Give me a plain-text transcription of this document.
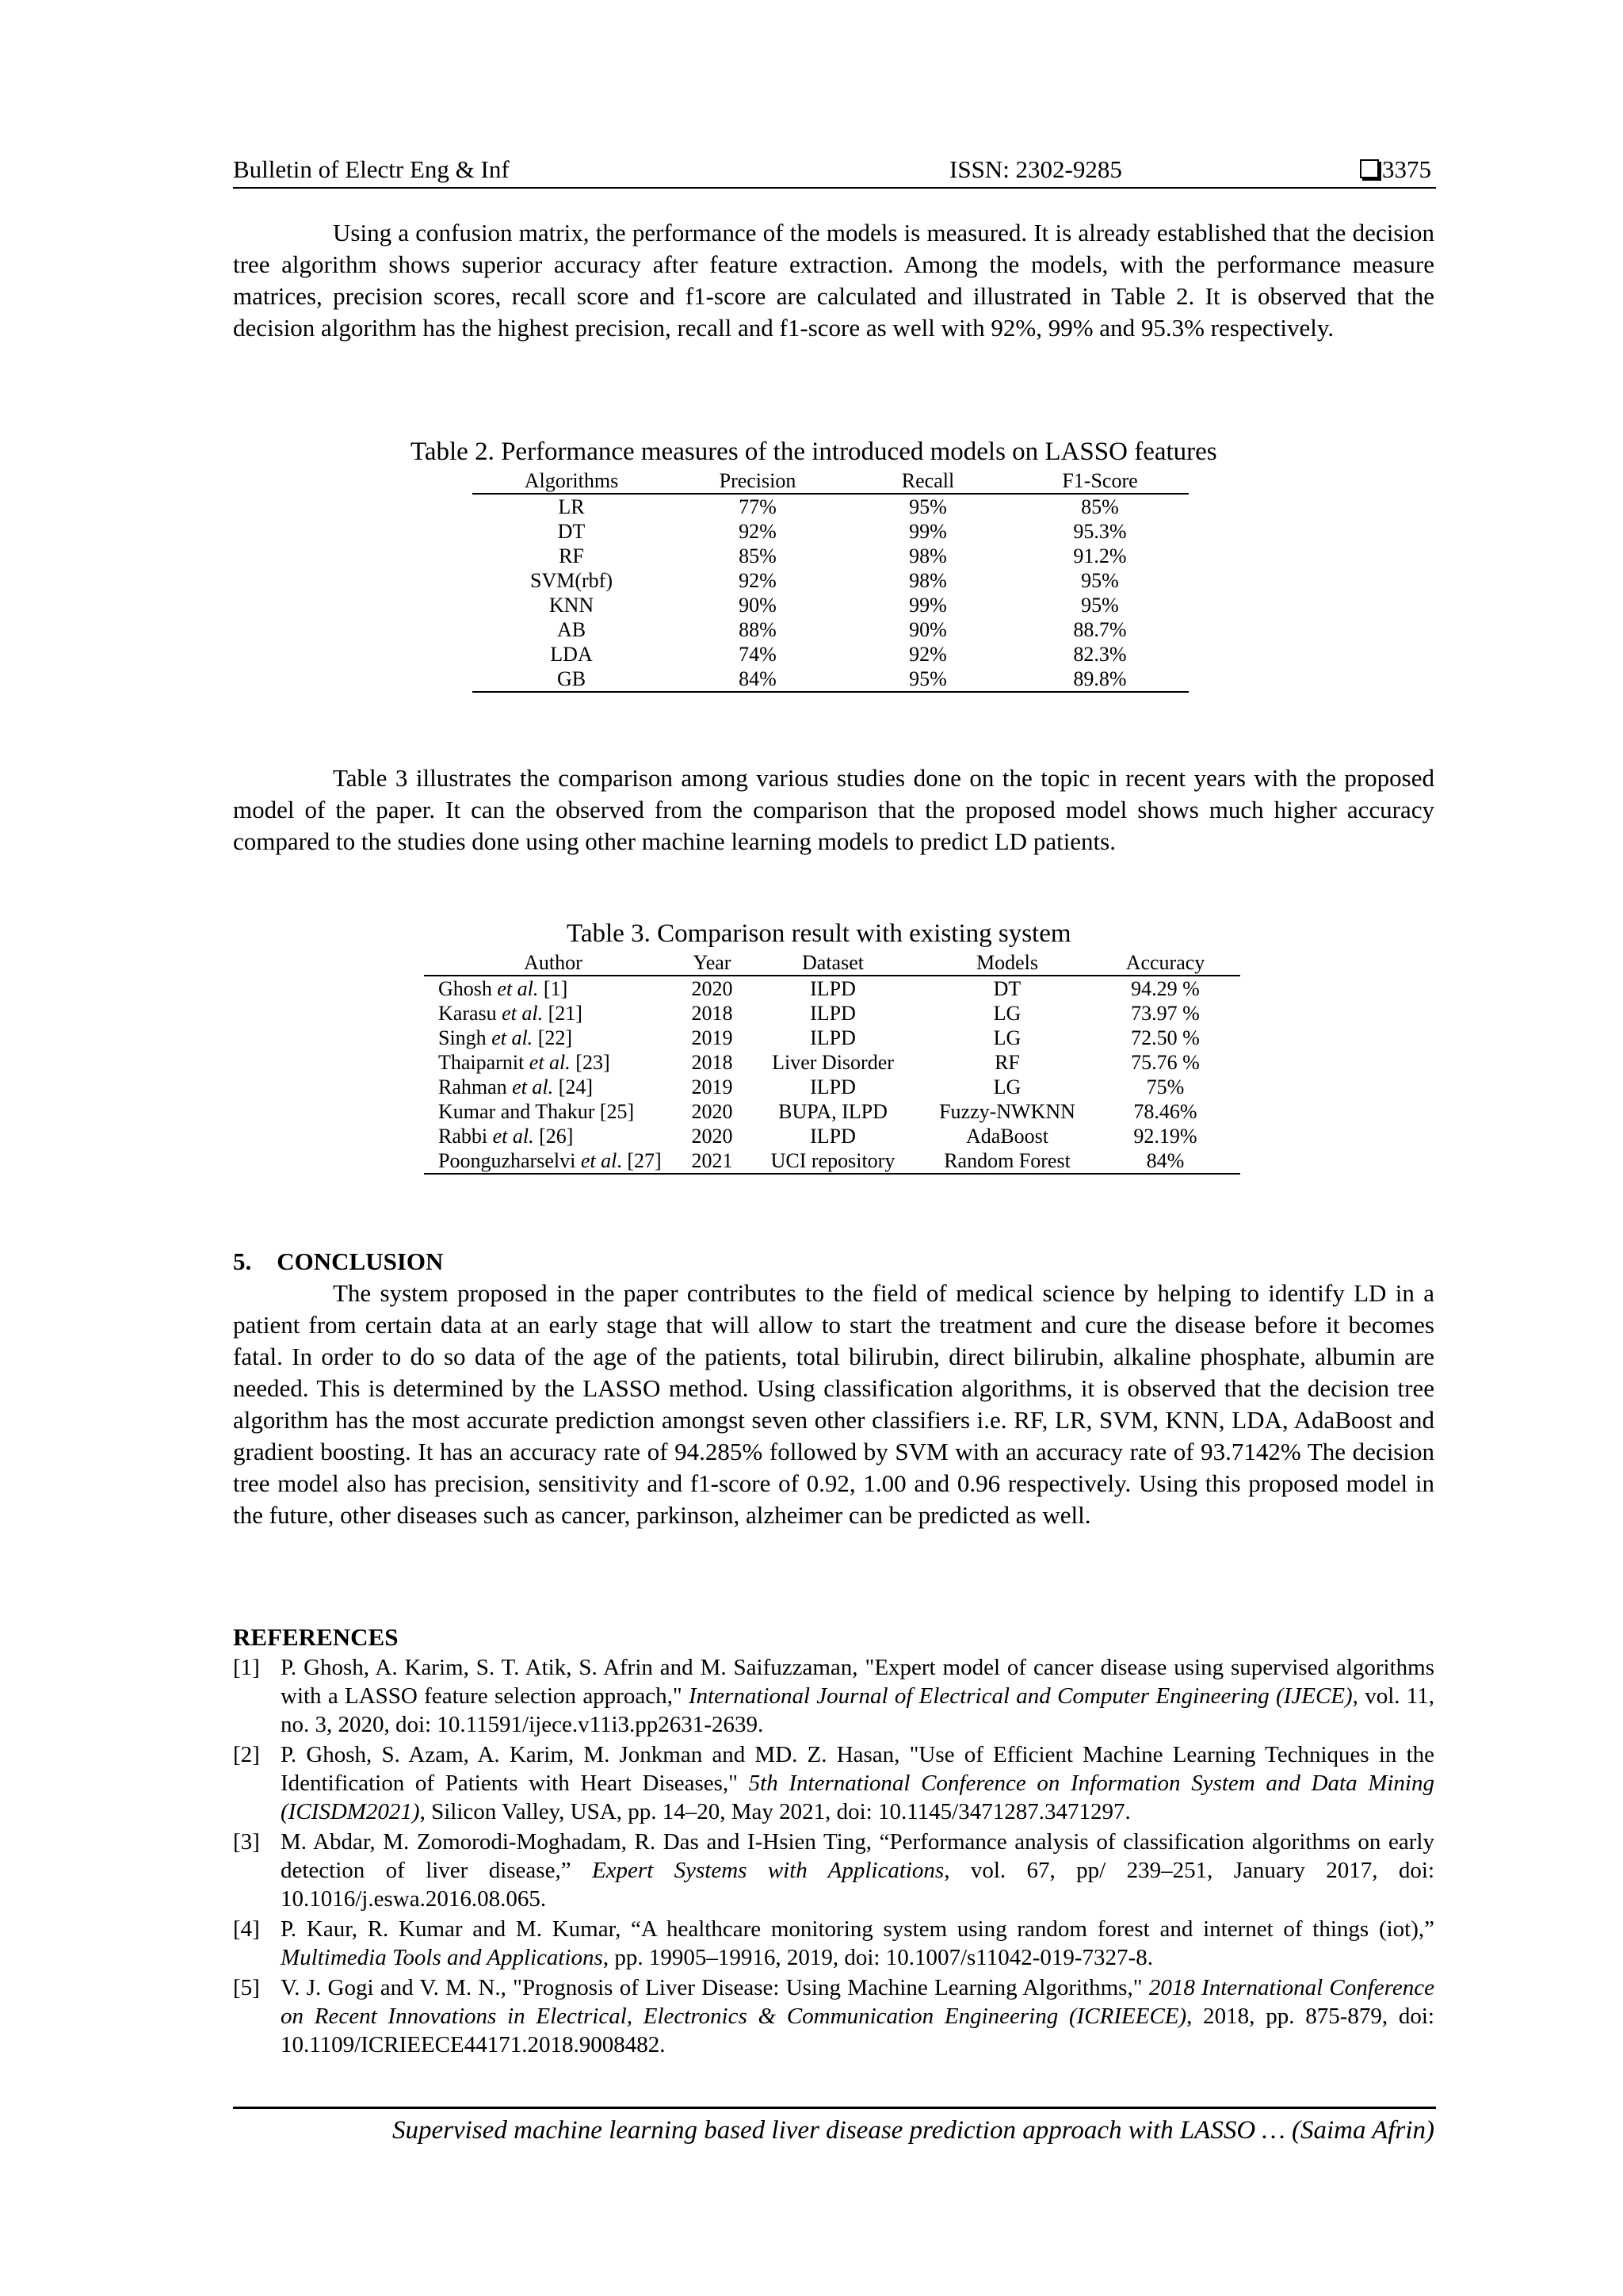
Bulletin of Electr Eng & Inf	ISSN: 2302-9285	3375

Using a confusion matrix, the performance of the models is measured. It is already established that the decision tree algorithm shows superior accuracy after feature extraction. Among the models, with the performance measure matrices, precision scores, recall score and f1-score are calculated and illustrated in Table 2. It is observed that the decision algorithm has the highest precision, recall and f1-score as well with 92%, 99% and 95.3% respectively.

Table 2. Performance measures of the introduced models on LASSO features
Algorithms	Precision	Recall	F1-Score
LR	77%	95%	85%
DT	92%	99%	95.3%
RF	85%	98%	91.2%
SVM(rbf)	92%	98%	95%
KNN	90%	99%	95%
AB	88%	90%	88.7%
LDA	74%	92%	82.3%
GB	84%	95%	89.8%

Table 3 illustrates the comparison among various studies done on the topic in recent years with the proposed model of the paper. It can the observed from the comparison that the proposed model shows much higher accuracy compared to the studies done using other machine learning models to predict LD patients.

Table 3. Comparison result with existing system
Author	Year	Dataset	Models	Accuracy
Ghosh et al. [1]	2020	ILPD	DT	94.29 %
Karasu et al. [21]	2018	ILPD	LG	73.97 %
Singh et al. [22]	2019	ILPD	LG	72.50 %
Thaiparnit et al. [23]	2018	Liver Disorder	RF	75.76 %
Rahman et al. [24]	2019	ILPD	LG	75%
Kumar and Thakur [25]	2020	BUPA, ILPD	Fuzzy-NWKNN	78.46%
Rabbi et al. [26]	2020	ILPD	AdaBoost	92.19%
Poonguzharselvi et al. [27]	2021	UCI repository	Random Forest	84%
5. CONCLUSION

The system proposed in the paper contributes to the field of medical science by helping to identify LD in a patient from certain data at an early stage that will allow to start the treatment and cure the disease before it becomes fatal. In order to do so data of the age of the patients, total bilirubin, direct bilirubin, alkaline phosphate, albumin are needed. This is determined by the LASSO method. Using classification algorithms, it is observed that the decision tree algorithm has the most accurate prediction amongst seven other classifiers i.e. RF, LR, SVM, KNN, LDA, AdaBoost and gradient boosting. It has an accuracy rate of 94.285% followed by SVM with an accuracy rate of 93.7142% The decision tree model also has precision, sensitivity and f1-score of 0.92, 1.00 and 0.96 respectively. Using this proposed model in the future, other diseases such as cancer, parkinson, alzheimer can be predicted as well.

REFERENCES
[1] P. Ghosh, A. Karim, S. T. Atik, S. Afrin and M. Saifuzzaman, "Expert model of cancer disease using supervised algorithms with a LASSO feature selection approach," International Journal of Electrical and Computer Engineering (IJECE), vol. 11, no. 3, 2020, doi: 10.11591/ijece.v11i3.pp2631-2639.
[2] P. Ghosh, S. Azam, A. Karim, M. Jonkman and MD. Z. Hasan, "Use of Efficient Machine Learning Techniques in the Identification of Patients with Heart Diseases," 5th International Conference on Information System and Data Mining (ICISDM2021), Silicon Valley, USA, pp. 14–20, May 2021, doi: 10.1145/3471287.3471297.
[3] M. Abdar, M. Zomorodi-Moghadam, R. Das and I-Hsien Ting, “Performance analysis of classification algorithms on early detection of liver disease,” Expert Systems with Applications, vol. 67, pp/ 239–251, January 2017, doi: 10.1016/j.eswa.2016.08.065.
[4] P. Kaur, R. Kumar and M. Kumar, “A healthcare monitoring system using random forest and internet of things (iot),” Multimedia Tools and Applications, pp. 19905–19916, 2019, doi: 10.1007/s11042-019-7327-8.
[5] V. J. Gogi and V. M. N., "Prognosis of Liver Disease: Using Machine Learning Algorithms," 2018 International Conference on Recent Innovations in Electrical, Electronics & Communication Engineering (ICRIEECE), 2018, pp. 875-879, doi: 10.1109/ICRIEECE44171.2018.9008482.
Supervised machine learning based liver disease prediction approach with LASSO … (Saima Afrin)
